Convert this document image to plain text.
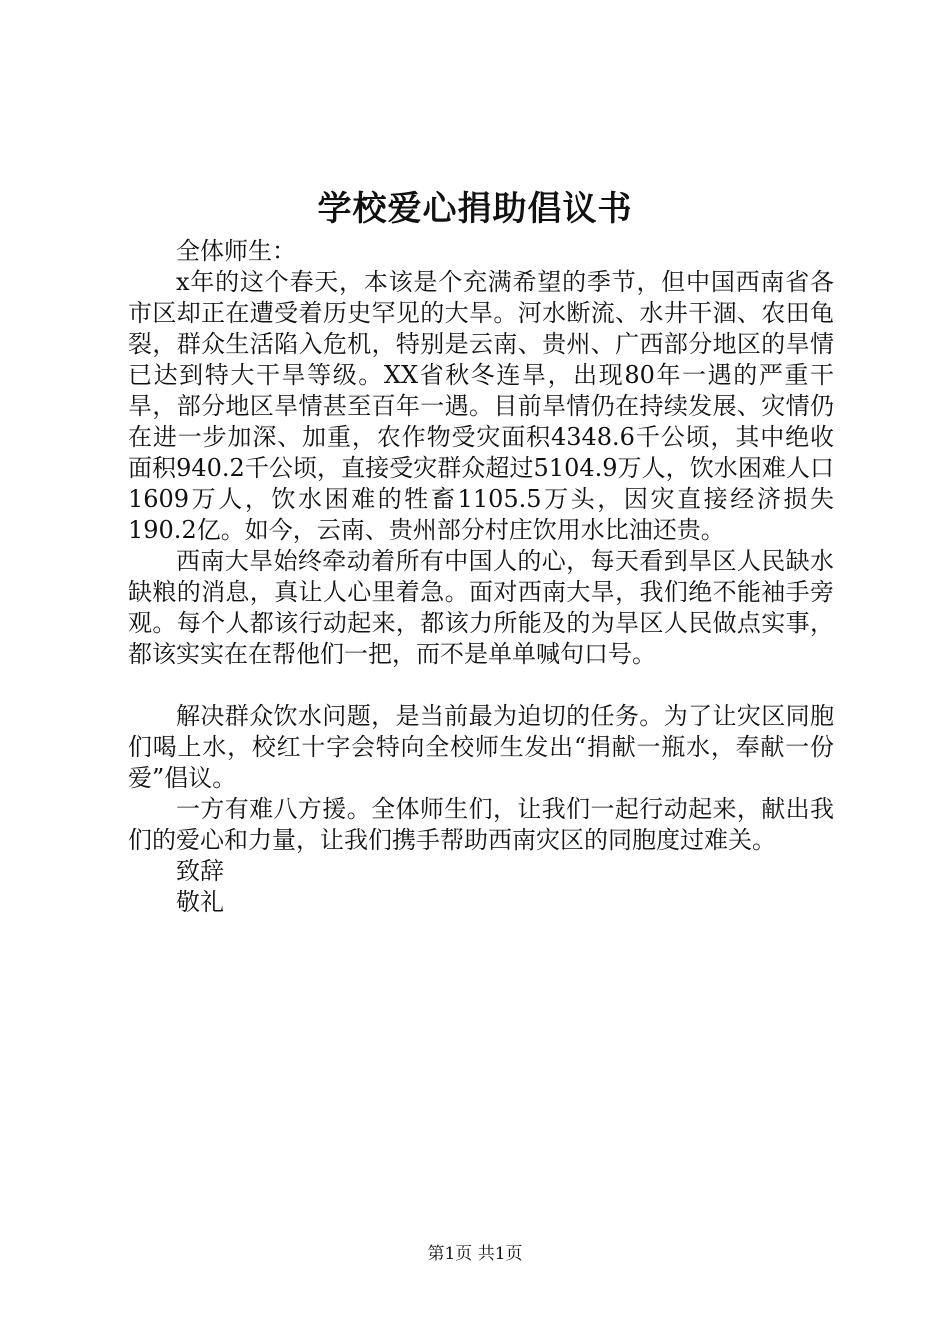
学校爱心捐助倡议书

全体师生：

x年的这个春天，本该是个充满希望的季节，但中国西南省各市区却正在遭受着历史罕见的大旱。河水断流、水井干涸、农田龟裂，群众生活陷入危机，特别是云南、贵州、广西部分地区的旱情已达到特大干旱等级。XX省秋冬连旱，出现80年一遇的严重干旱，部分地区旱情甚至百年一遇。目前旱情仍在持续发展、灾情仍在进一步加深、加重，农作物受灾面积4348.6千公顷，其中绝收面积940.2千公顷，直接受灾群众超过5104.9万人，饮水困难人口1609万人，饮水困难的牲畜1105.5万头，因灾直接经济损失190.2亿。如今，云南、贵州部分村庄饮用水比油还贵。

西南大旱始终牵动着所有中国人的心，每天看到旱区人民缺水缺粮的消息，真让人心里着急。面对西南大旱，我们绝不能袖手旁观。每个人都该行动起来，都该力所能及的为旱区人民做点实事，都该实实在在帮他们一把，而不是单单喊句口号。

解决群众饮水问题，是当前最为迫切的任务。为了让灾区同胞们喝上水，校红十字会特向全校师生发出“捐献一瓶水，奉献一份爱”倡议。

一方有难八方援。全体师生们，让我们一起行动起来，献出我们的爱心和力量，让我们携手帮助西南灾区的同胞度过难关。

致辞

敬礼

第1页 共1页
